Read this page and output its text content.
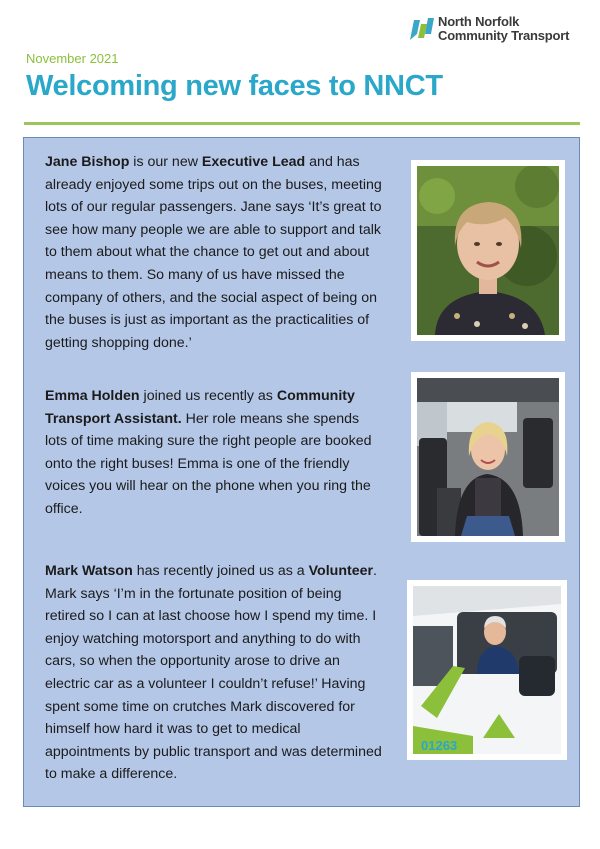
North Norfolk
Community Transport
November 2021
Welcoming new faces to NNCT

Jane Bishop is our new Executive Lead and has already enjoyed some trips out on the buses, meeting lots of our regular passengers. Jane says ‘It’s great to see how many people we are able to support and talk to them about what the chance to get out and about means to them. So many of us have missed the company of others, and the social aspect of being on the buses is just as important as the practicalities of getting shopping done.’

Emma Holden joined us recently as Community Transport Assistant. Her role means she spends lots of time making sure the right people are booked onto the right buses! Emma is one of the friendly voices you will hear on the phone when you ring the office.

Mark Watson has recently joined us as a Volunteer. Mark says ‘I’m in the fortunate position of being retired so I can at last choose how I spend my time. I enjoy watching motorsport and anything to do with cars, so when the opportunity arose to drive an electric car as a volunteer I couldn’t refuse!’ Having spent some time on crutches Mark discovered for himself how hard it was to get to medical appointments by public transport and was determined to make a difference.

01263
